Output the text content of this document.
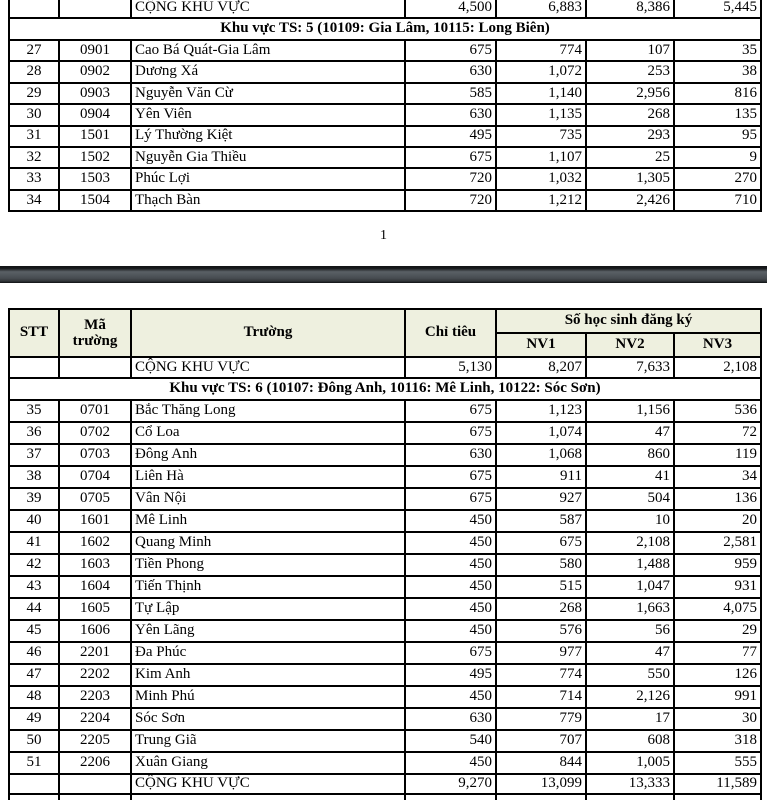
		CỘNG KHU VỰC	4,500	6,883	8,386	5,445
Khu vực TS: 5 (10109: Gia Lâm, 10115: Long Biên)						
27	0901	Cao Bá Quát-Gia Lâm	675	774	107	35
28	0902	Dương Xá	630	1,072	253	38
29	0903	Nguyễn Văn Cừ	585	1,140	2,956	816
30	0904	Yên Viên	630	1,135	268	135
31	1501	Lý Thường Kiệt	495	735	293	95
32	1502	Nguyễn Gia Thiều	675	1,107	25	9
33	1503	Phúc Lợi	720	1,032	1,305	270
34	1504	Thạch Bàn	720	1,212	2,426	710
1
STT	Mã trường	Trường	Chỉ tiêu	Số học sinh đăng ký		
				NV1	NV2	NV3
		CỘNG KHU VỰC	5,130	8,207	7,633	2,108
Khu vực TS: 6 (10107: Đông Anh, 10116: Mê Linh, 10122: Sóc Sơn)						
35	0701	Bắc Thăng Long	675	1,123	1,156	536
36	0702	Cổ Loa	675	1,074	47	72
37	0703	Đông Anh	630	1,068	860	119
38	0704	Liên Hà	675	911	41	34
39	0705	Vân Nội	675	927	504	136
40	1601	Mê Linh	450	587	10	20
41	1602	Quang Minh	450	675	2,108	2,581
42	1603	Tiền Phong	450	580	1,488	959
43	1604	Tiến Thịnh	450	515	1,047	931
44	1605	Tự Lập	450	268	1,663	4,075
45	1606	Yên Lãng	450	576	56	29
46	2201	Đa Phúc	675	977	47	77
47	2202	Kim Anh	495	774	550	126
48	2203	Minh Phú	450	714	2,126	991
49	2204	Sóc Sơn	630	779	17	30
50	2205	Trung Giã	540	707	608	318
51	2206	Xuân Giang	450	844	1,005	555
		CỘNG KHU VỰC	9,270	13,099	13,333	11,589
